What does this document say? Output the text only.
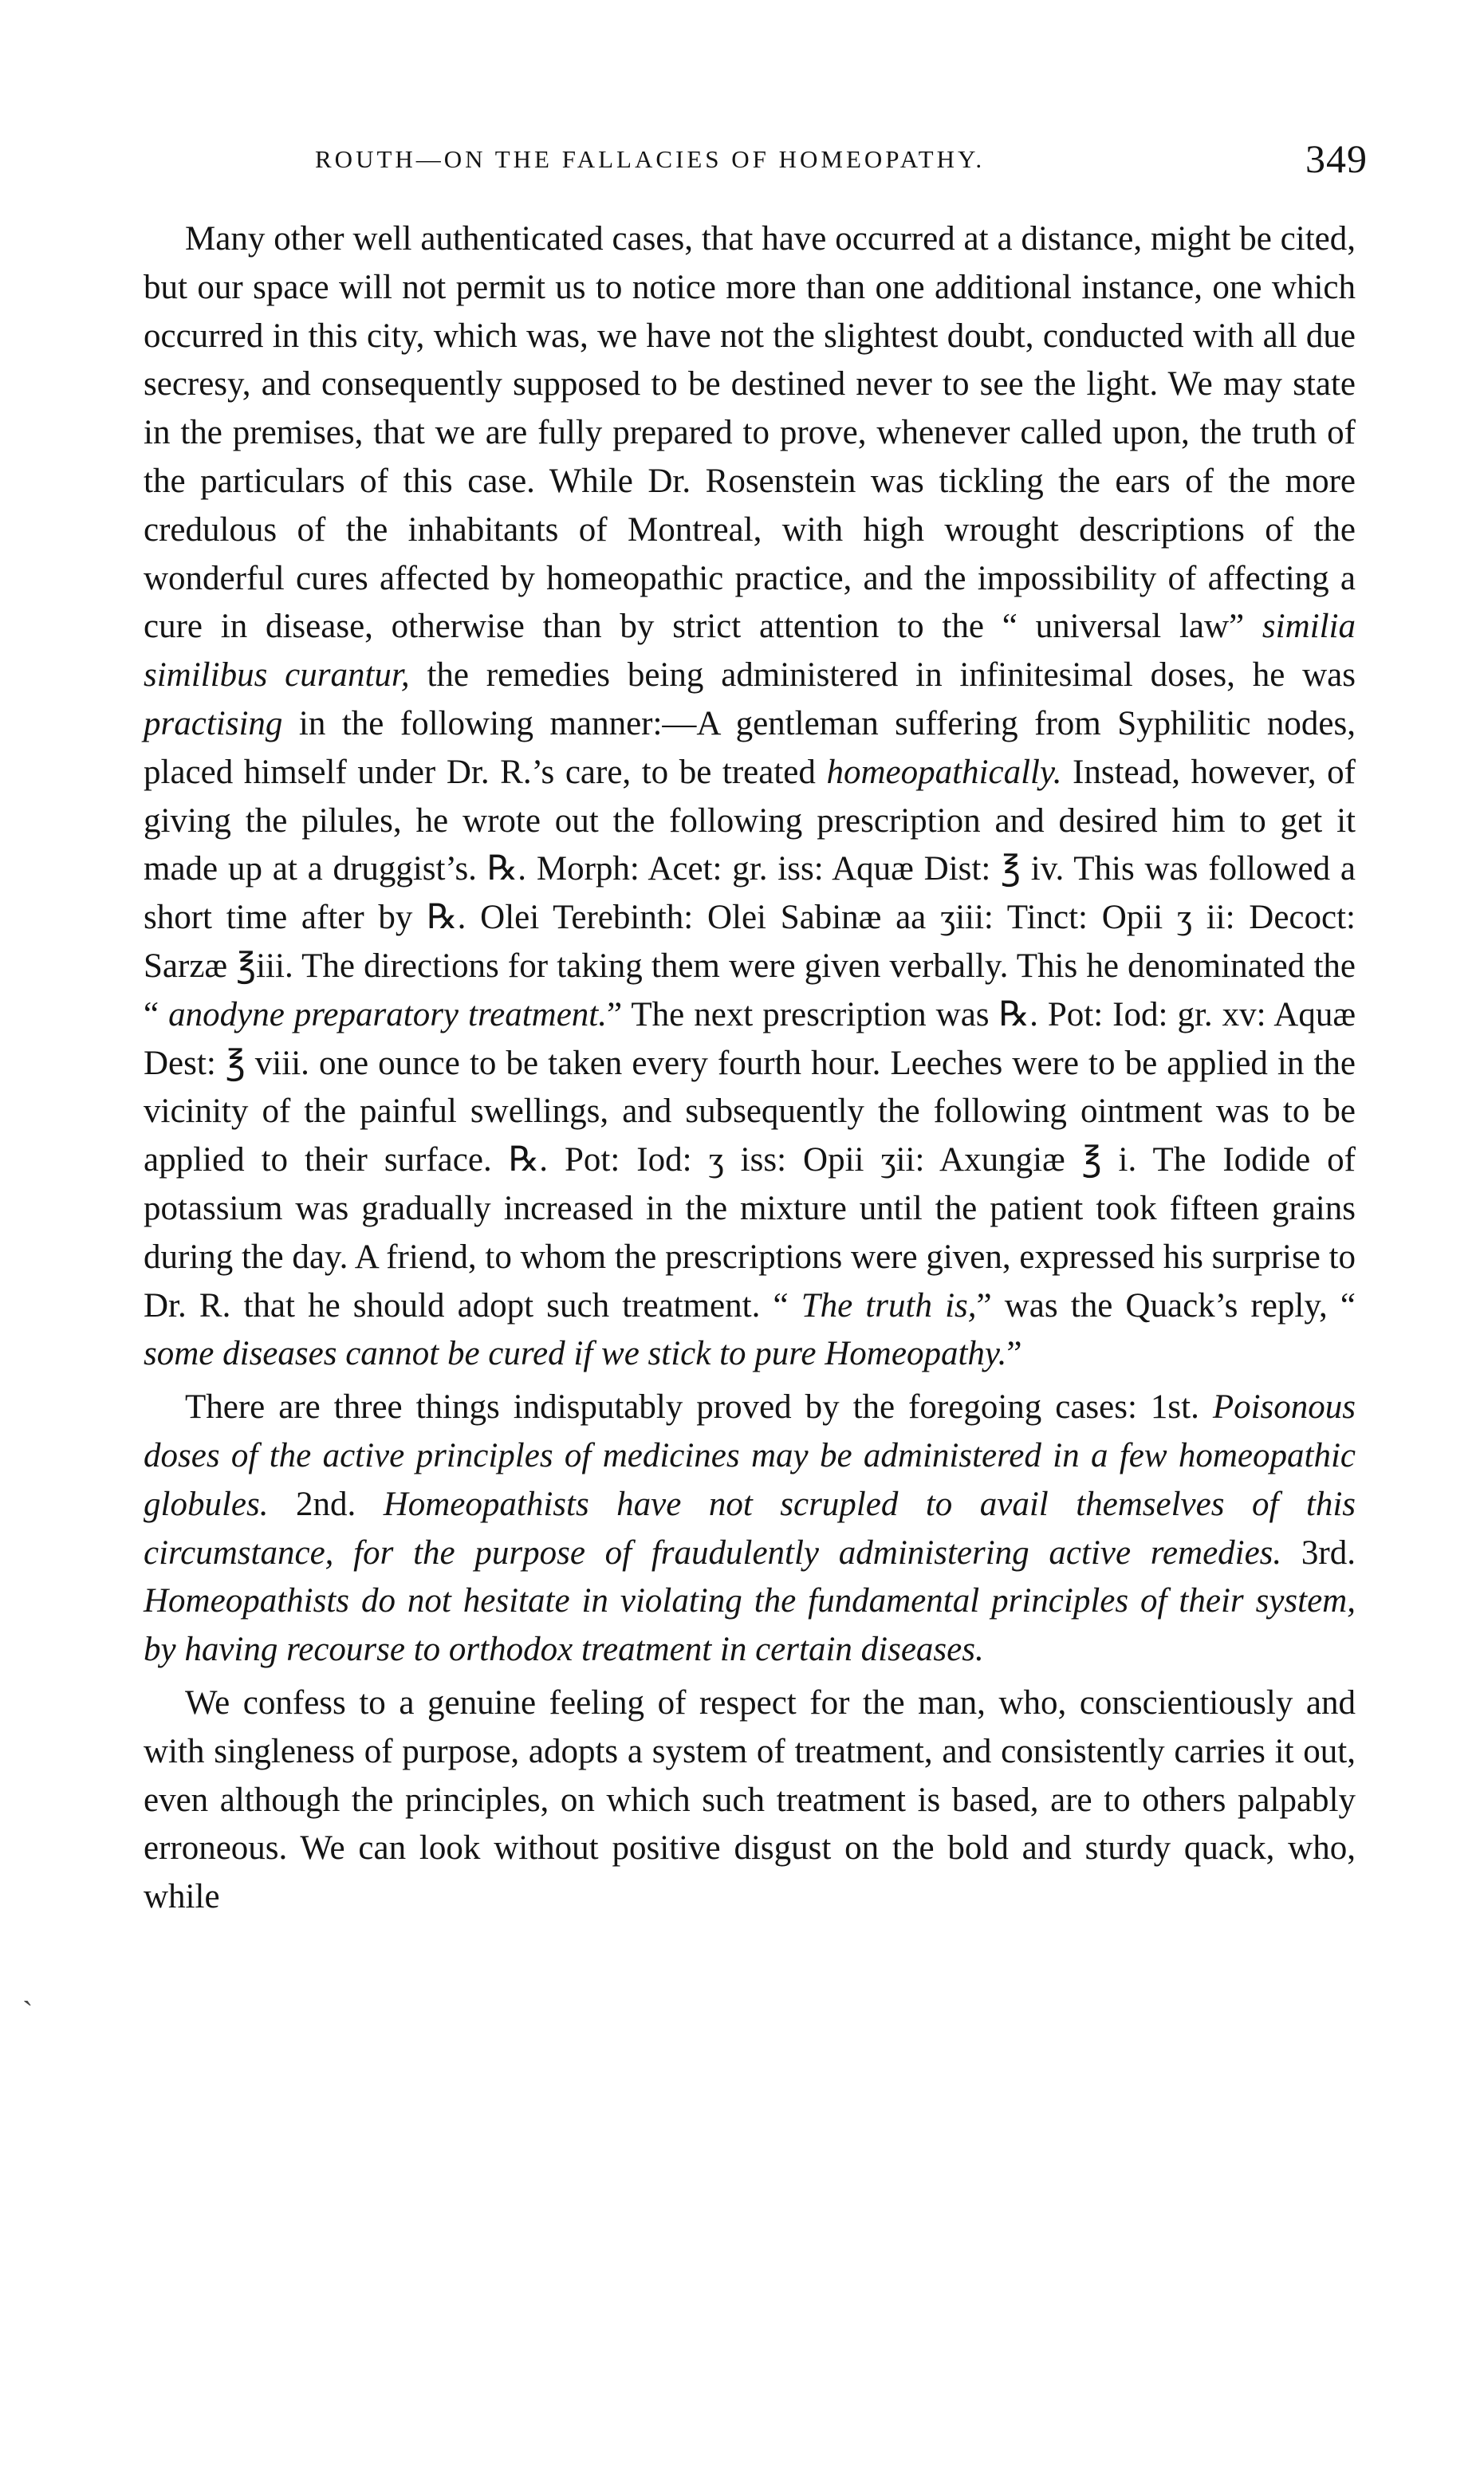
ROUTH—ON THE FALLACIES OF HOMEOPATHY.	349
`

Many other well authenticated cases, that have occurred at a distance, might be cited, but our space will not permit us to notice more than one additional instance, one which occurred in this city, which was, we have not the slightest doubt, conducted with all due secresy, and consequently supposed to be destined never to see the light. We may state in the premises, that we are fully prepared to prove, whenever called upon, the truth of the particulars of this case. While Dr. Rosenstein was tickling the ears of the more credulous of the inhabitants of Montreal, with high wrought descriptions of the wonderful cures affected by homeopathic practice, and the impossibility of affecting a cure in disease, otherwise than by strict attention to the “ universal law” similia similibus curantur, the remedies being administered in infinitesimal doses, he was practising in the following manner:—A gentleman suffering from Syphilitic nodes, placed himself under Dr. R.’s care, to be treated homeopathically. Instead, however, of giving the pilules, he wrote out the following prescription and desired him to get it made up at a druggist’s. ℞. Morph: Acet: gr. iss: Aquæ Dist: ℥ iv. This was followed a short time after by ℞. Olei Terebinth: Olei Sabinæ aa ʒiii: Tinct: Opii ʒ ii: Decoct: Sarzæ ℥iii. The directions for taking them were given verbally. This he denominated the “ anodyne preparatory treatment.” The next prescription was ℞. Pot: Iod: gr. xv: Aquæ Dest: ℥ viii. one ounce to be taken every fourth hour. Leeches were to be applied in the vicinity of the painful swellings, and subsequently the following ointment was to be applied to their surface. ℞. Pot: Iod: ʒ iss: Opii ʒii: Axungiæ ℥ i. The Iodide of potassium was gradually increased in the mixture until the patient took fifteen grains during the day. A friend, to whom the prescriptions were given, expressed his surprise to Dr. R. that he should adopt such treatment. “ The truth is,” was the Quack’s reply, “ some diseases cannot be cured if we stick to pure Homeopathy.”

There are three things indisputably proved by the foregoing cases: 1st. Poisonous doses of the active principles of medicines may be administered in a few homeopathic globules. 2nd. Homeopathists have not scrupled to avail themselves of this circumstance, for the purpose of fraudulently administering active remedies. 3rd. Homeopathists do not hesitate in violating the fundamental principles of their system, by having recourse to orthodox treatment in certain diseases.

We confess to a genuine feeling of respect for the man, who, conscientiously and with singleness of purpose, adopts a system of treatment, and consistently carries it out, even although the principles, on which such treatment is based, are to others palpably erroneous. We can look without positive disgust on the bold and sturdy quack, who, while
